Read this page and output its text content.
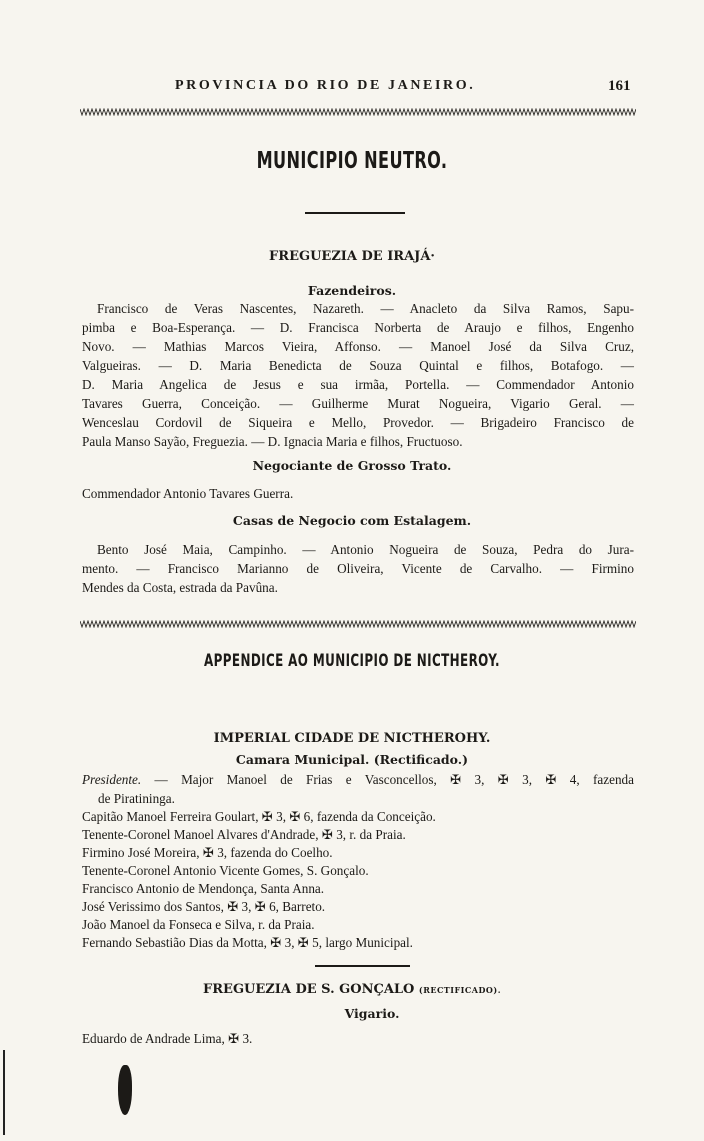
PROVINCIA DO RIO DE JANEIRO.	161
MUNICIPIO NEUTRO.
FREGUEZIA DE IRAJÁ·
Fazendeiros.
Francisco de Veras Nascentes, Nazareth. — Anacleto da Silva Ramos, Sapu-
pimba e Boa-Esperança. — D. Francisca Norberta de Araujo e filhos, Engenho
Novo. — Mathias Marcos Vieira, Affonso. — Manoel José da Silva Cruz,
Valgueiras. — D. Maria Benedicta de Souza Quintal e filhos, Botafogo. —
D. Maria Angelica de Jesus e sua irmãa, Portella. — Commendador Antonio
Tavares Guerra, Conceição. — Guilherme Murat Nogueira, Vigario Geral. —
Wenceslau Cordovil de Siqueira e Mello, Provedor. — Brigadeiro Francisco de
Paula Manso Sayão, Freguezia. — D. Ignacia Maria e filhos, Fructuoso.
Negociante de Grosso Trato.
Commendador Antonio Tavares Guerra.
Casas de Negocio com Estalagem.
Bento José Maia, Campinho. — Antonio Nogueira de Souza, Pedra do Jura-
mento. — Francisco Marianno de Oliveira, Vicente de Carvalho. — Firmino
Mendes da Costa, estrada da Pavûna.
APPENDICE AO MUNICIPIO DE NICTHEROY.
IMPERIAL CIDADE DE NICTHEROHY.
Camara Municipal. (Rectificado.)
Presidente. — Major Manoel de Frias e Vasconcellos, ✠ 3, ✠ 3, ✠ 4, fazenda
de Piratininga.
Capitão Manoel Ferreira Goulart, ✠ 3, ✠ 6, fazenda da Conceição.
Tenente-Coronel Manoel Alvares d'Andrade, ✠ 3, r. da Praia.
Firmino José Moreira, ✠ 3, fazenda do Coelho.
Tenente-Coronel Antonio Vicente Gomes, S. Gonçalo.
Francisco Antonio de Mendonça, Santa Anna.
José Verissimo dos Santos, ✠ 3, ✠ 6, Barreto.
João Manoel da Fonseca e Silva, r. da Praia.
Fernando Sebastião Dias da Motta, ✠ 3, ✠ 5, largo Municipal.
FREGUEZIA DE S. GONÇALO (RECTIFICADO).
Vigario.
Eduardo de Andrade Lima, ✠ 3.
